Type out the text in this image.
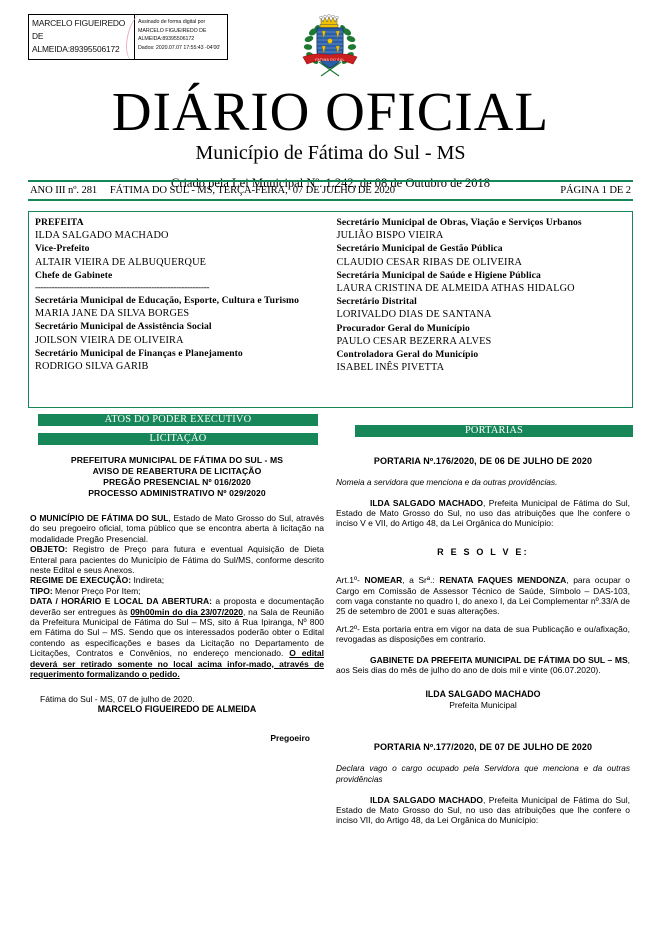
MARCELO FIGUEIREDO
DE
ALMEIDA:89395506172
Assinado de forma digital por
MARCELO FIGUEIREDO DE
ALMEIDA:89395506172
Dados: 2020.07.07 17:55:43 -04'00'
FATIMA DO SUL
DIÁRIO OFICIAL
Município de Fátima do Sul - MS
Criado pela Lei Municipal Nº. 1.242, de 08 de Outubro de 2018
ANO III nº. 281     FÁTIMA DO SUL - MS, TERÇA-FEIRA,  07 DE JULHO DE 2020	PÁGINA 1 DE 2
PREFEITA
ILDA SALGADO MACHADO
Vice-Prefeito
ALTAIR VIEIRA DE ALBUQUERQUE
Chefe de Gabinete
---------------------------------------------------------------
Secretária Municipal de Educação, Esporte, Cultura e Turismo
MARIA JANE DA SILVA BORGES
Secretário Municipal de Assistência Social
JOILSON VIEIRA DE OLIVEIRA
Secretário Municipal de Finanças e Planejamento
RODRIGO SILVA GARIB
Secretário Municipal de Obras, Viação e Serviços Urbanos
JULIÃO BISPO VIEIRA
Secretário Municipal de Gestão Pública
CLAUDIO CESAR RIBAS DE OLIVEIRA
Secretária Municipal de Saúde e Higiene Pública
LAURA CRISTINA DE ALMEIDA ATHAS HIDALGO
Secretário Distrital
LORIVALDO DIAS DE SANTANA
Procurador Geral do Município
PAULO CESAR BEZERRA ALVES
Controladora Geral do Município
ISABEL INÊS PIVETTA
ATOS DO PODER EXECUTIVO
LICITAÇÃO
PORTARIAS
PREFEITURA MUNICIPAL DE FÁTIMA DO SUL - MS
AVISO DE REABERTURA DE LICITAÇÃO
PREGÃO PRESENCIAL Nº 016/2020
PROCESSO ADMINISTRATIVO Nº 029/2020
O MUNICÍPIO DE FÁTIMA DO SUL, Estado de Mato Grosso do Sul, através do seu pregoeiro oficial, toma público que se encontra aberta à licitação na modalidade Pregão Presencial.
OBJETO: Registro de Preço para futura e eventual Aquisição de Dieta Enteral para pacientes do Município de Fátima do Sul/MS, conforme descrito neste Edital e seus Anexos.
REGIME DE EXECUÇÃO: Indireta;
TIPO: Menor Preço Por Item;
DATA / HORÁRIO E LOCAL DA ABERTURA: a proposta e documentação deverão ser entregues às 09h00min do dia 23/07/2020, na Sala de Reunião da Prefeitura Municipal de Fátima do Sul – MS, sito á Rua Ipiranga, Nº 800 em Fátima do Sul – MS. Sendo que os interessados poderão obter o Edital contendo as especificações e bases da Licitação no Departamento de Licitações, Contratos e Convênios, no endereço mencionado. O edital deverá ser retirado somente no local acima infor-mado, através de requerimento formalizando o pedido.
Fátima do Sul - MS, 07 de julho de 2020.
MARCELO FIGUEIREDO DE ALMEIDA
Pregoeiro
PORTARIA Nº.176/2020, DE 06 DE JULHO DE 2020
Nomeia a servidora que menciona e da outras providências.
ILDA SALGADO MACHADO, Prefeita Municipal de Fátima do Sul, Estado de Mato Grosso do Sul, no uso das atribuições que lhe confere o inciso V e VII, do Artigo 48, da Lei Orgânica do Município:
R E S O L V E:
Art.1º- NOMEAR, a Srª.: RENATA FAQUES MENDONZA, para ocupar o Cargo em Comissão de Assessor Técnico de Saúde, Símbolo – DAS-103, com vaga constante no quadro I, do anexo I, da Lei Complementar nº.33/A de 25 de setembro de 2001 e suas alterações.
Art.2º- Esta portaria entra em vigor na data de sua Publicação e ou/afixação, revogadas as disposições em contrario.
GABINETE DA PREFEITA MUNICIPAL DE FÁTIMA DO SUL – MS, aos Seis dias do mês de julho do ano de dois mil e vinte (06.07.2020).
ILDA SALGADO MACHADO
Prefeita Municipal
PORTARIA Nº.177/2020, DE 07 DE JULHO DE 2020
Declara vago o cargo ocupado pela Servidora que menciona e da outras providências
ILDA SALGADO MACHADO, Prefeita Municipal de Fátima do Sul, Estado de Mato Grosso do Sul, no uso das atribuições que lhe confere o inciso VII, do Artigo 48, da Lei Orgânica do Município:
